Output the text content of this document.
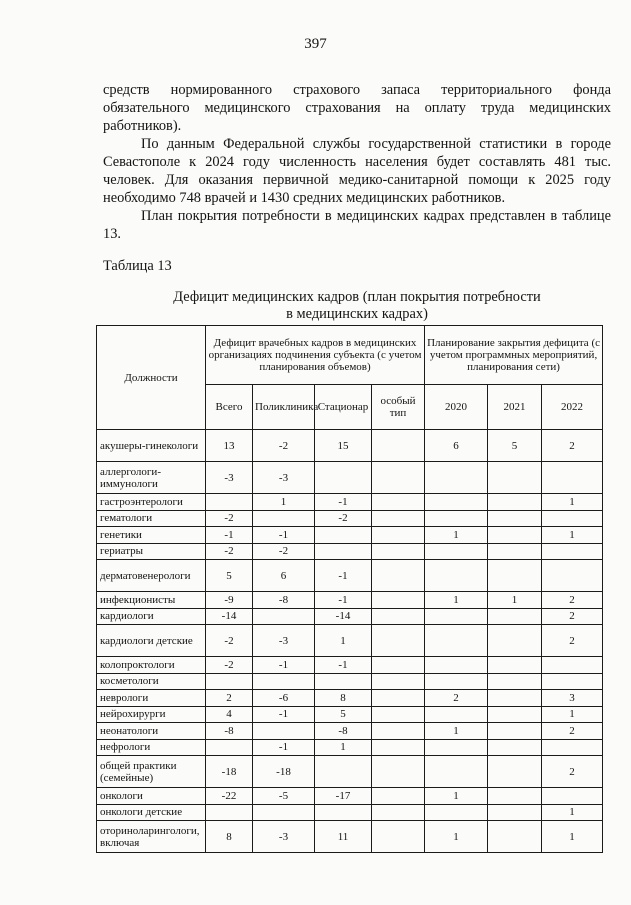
397

средств нормированного страхового запаса территориального фонда обязательного медицинского страхования на оплату труда медицинских работников).

По данным Федеральной службы государственной статистики в городе Севастополе к 2024 году численность населения будет составлять 481 тыс. человек. Для оказания первичной медико-санитарной помощи к 2025 году необходимо 748 врачей и 1430 средних медицинских работников.

План покрытия потребности в медицинских кадрах представлен в таблице 13.

Таблица 13
Дефицит медицинских кадров (план покрытия потребности
в медицинских кадрах)
Должности	Дефицит врачебных кадров в медицинских организациях подчинения субъекта (с учетом планирования объемов)				Планирование закрытия дефицита (с учетом программных мероприятий, планирования сети)		
	Всего	Поликлиника	Стационар	особый тип	2020	2021	2022
акушеры-гинекологи	13	-2	15		6	5	2
аллергологи-иммунологи	-3	-3					
гастроэнтерологи		1	-1				1
гематологи	-2		-2				
генетики	-1	-1			1		1
гериатры	-2	-2					
дерматовенерологи	5	6	-1				
инфекционисты	-9	-8	-1		1	1	2
кардиологи	-14		-14				2
кардиологи детские	-2	-3	1				2
колопроктологи	-2	-1	-1				
косметологи							
неврологи	2	-6	8		2		3
нейрохирурги	4	-1	5				1
неонатологи	-8		-8		1		2
нефрологи		-1	1				
общей практики (семейные)	-18	-18					2
онкологи	-22	-5	-17		1		
онкологи детские							1
оториноларингологи, включая	8	-3	11		1		1
